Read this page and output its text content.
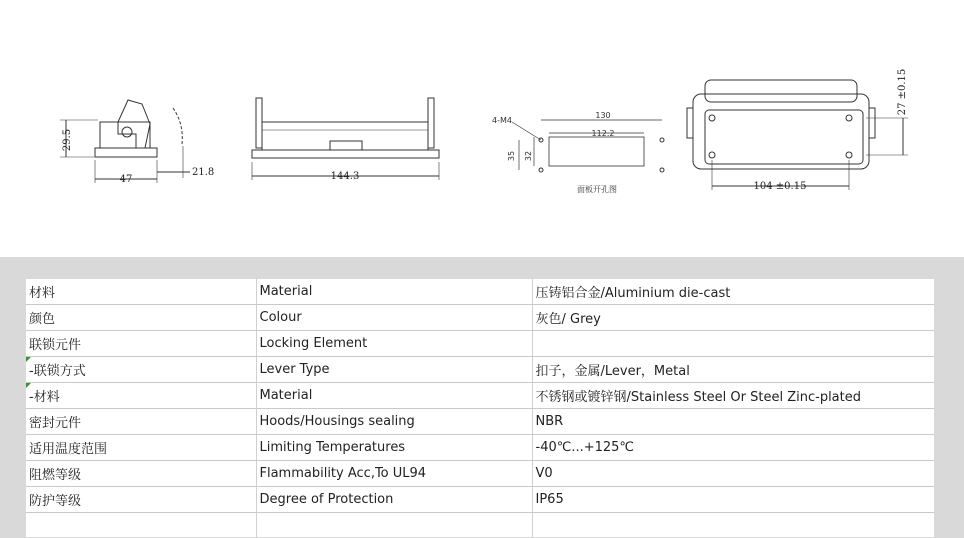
29.5
47
21.8	144.3
4-M4
130
112.2
35 32
面板开孔图
27 ±0.15
104 ±0.15
材料	Material	压铸铝合金/Aluminium die-cast
颜色	Colour	灰色/ Grey
联锁元件	Locking Element	
-联锁方式	Lever Type	扣子，金属/Lever，Metal
-材料	Material	不锈钢或镀锌钢/Stainless Steel Or Steel Zinc-plated
密封元件	Hoods/Housings sealing	NBR
适用温度范围	Limiting Temperatures	-40℃...+125℃
阻燃等级	Flammability Acc,To UL94	V0
防护等级	Degree of Protection	IP65
